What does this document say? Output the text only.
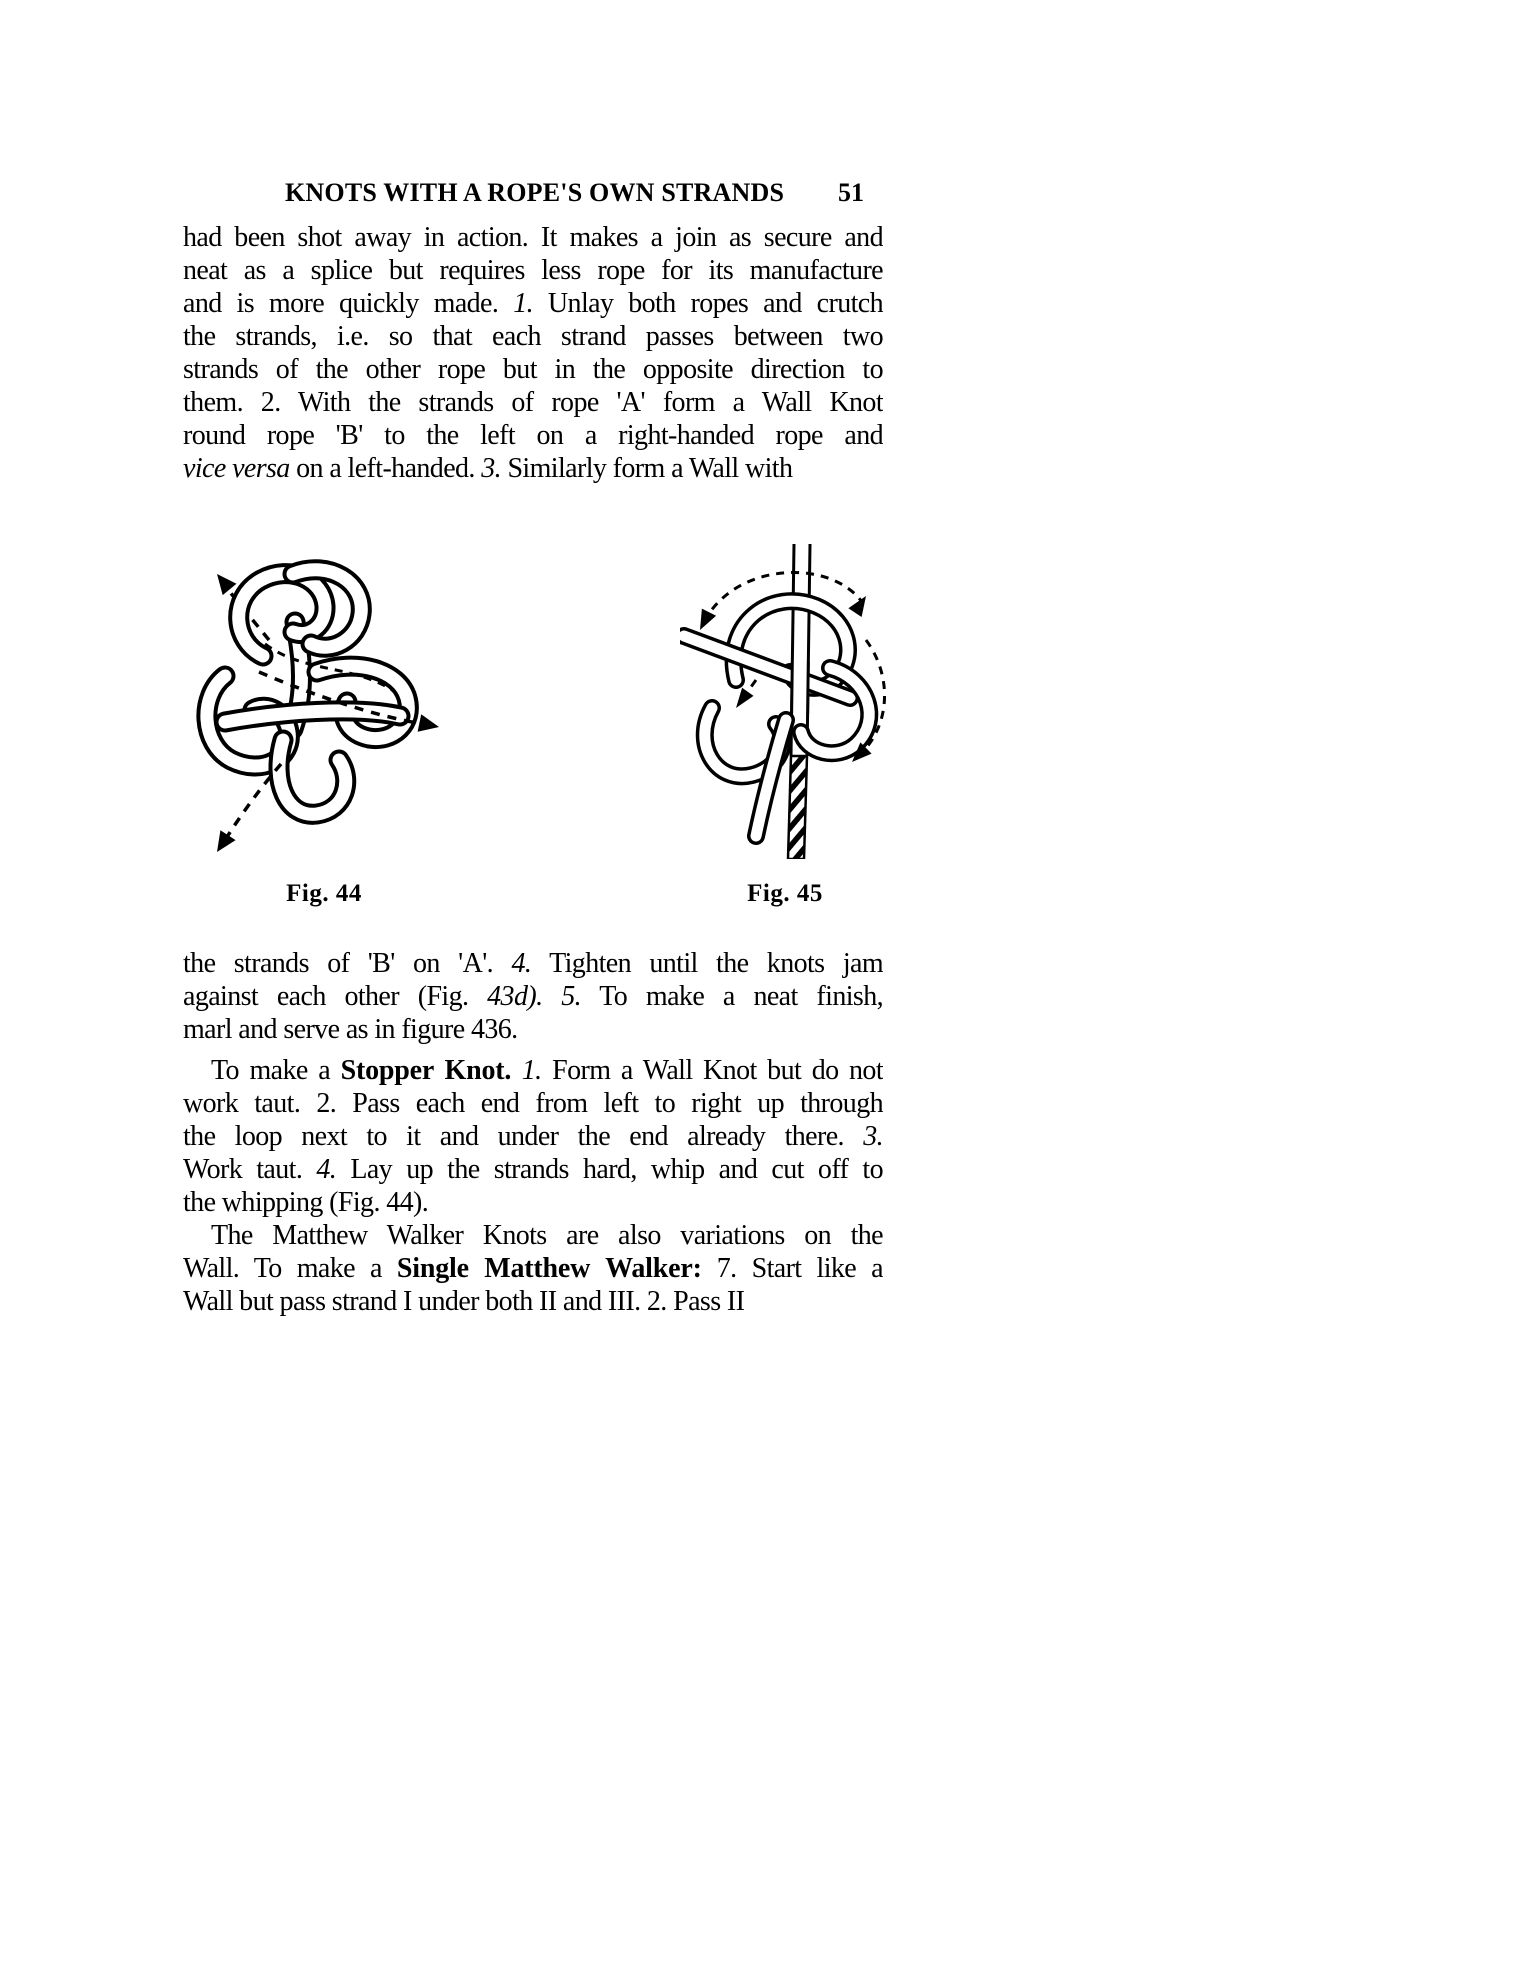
KNOTS WITH A ROPE'S OWN STRANDS 51
had been shot away in action. It makes a join as secure and
neat as a splice but requires less rope for its manufacture
and is more quickly made. 1. Unlay both ropes and crutch
the strands, i.e. so that each strand passes between two
strands of the other rope but in the opposite direction to
them. 2. With the strands of rope 'A' form a Wall Knot
round rope 'B' to the left on a right-handed rope and
vice versa on a left-handed. 3. Similarly form a Wall with
Fig. 44	Fig. 45
the strands of 'B' on 'A'. 4. Tighten until the knots jam
against each other (Fig. 43d). 5. To make a neat finish,
marl and serve as in figure 436.
To make a Stopper Knot. 1. Form a Wall Knot but do not
work taut. 2. Pass each end from left to right up through
the loop next to it and under the end already there. 3.
Work taut. 4. Lay up the strands hard, whip and cut off to
the whipping (Fig. 44).
The Matthew Walker Knots are also variations on the
Wall. To make a Single Matthew Walker: 7. Start like a
Wall but pass strand I under both II and III. 2. Pass II
